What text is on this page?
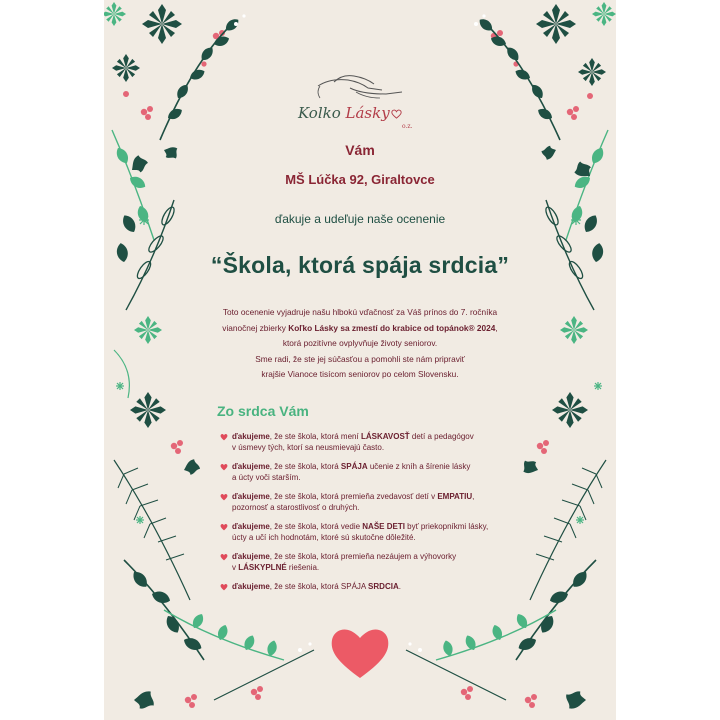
Kolko Lásky
o.z.
Vám
MŠ Lúčka 92, Giraltovce
ďakuje a udeľuje naše ocenenie
“Škola, ktorá spája srdcia”
Toto ocenenie vyjadruje našu hlbokú vďačnosť za Váš prínos do 7. ročníka
vianočnej zbierky Koľko Lásky sa zmestí do krabice od topánok® 2024,
ktorá pozitívne ovplyvňuje životy seniorov.
Sme radi, že ste jej súčasťou a pomohli ste nám pripraviť
krajšie Vianoce tisícom seniorov po celom Slovensku.
Zo srdca Vám
ďakujeme, že ste škola, ktorá mení LÁSKAVOSŤ detí a pedagógov
v úsmevy tých, ktorí sa neusmievajú často.
ďakujeme, že ste škola, ktorá SPÁJA učenie z kníh a šírenie lásky
a úcty voči starším.
ďakujeme, že ste škola, ktorá premieňa zvedavosť detí v EMPATIU,
pozornosť a starostlivosť o druhých.
ďakujeme, že ste škola, ktorá vedie NAŠE DETI byť priekopníkmi lásky,
úcty a učí ich hodnotám, ktoré sú skutočne dôležité.
ďakujeme, že ste škola, ktorá premieňa nezáujem a výhovorky
v LÁSKYPLNÉ riešenia.
ďakujeme, že ste škola, ktorá SPÁJA SRDCIA.
